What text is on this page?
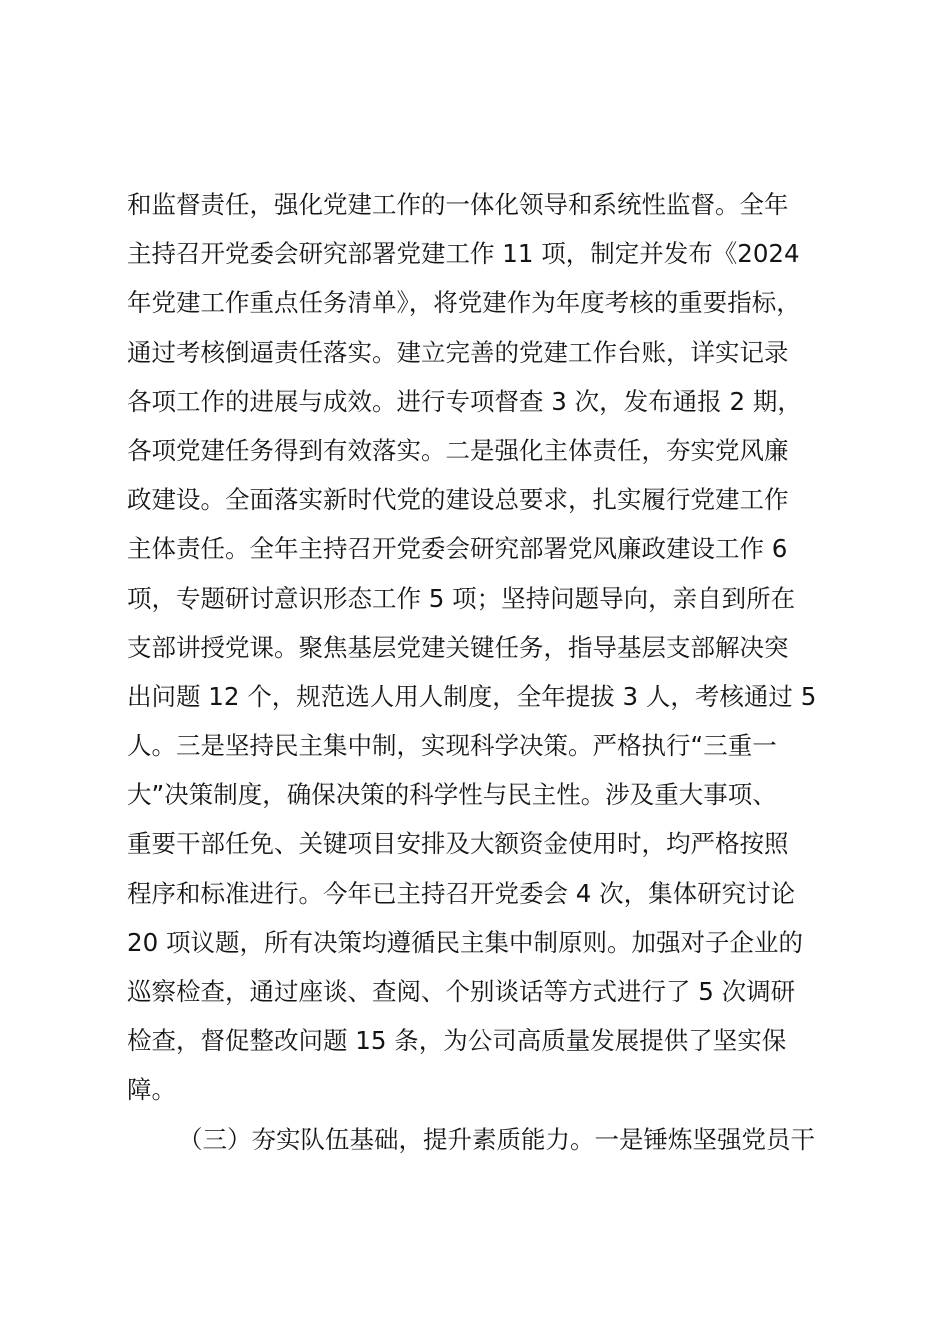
和监督责任，强化党建工作的一体化领导和系统性监督。全年
主持召开党委会研究部署党建工作 11 项，制定并发布《2024
年党建工作重点任务清单》，将党建作为年度考核的重要指标，
通过考核倒逼责任落实。建立完善的党建工作台账，详实记录
各项工作的进展与成效。进行专项督查 3 次，发布通报 2 期，
各项党建任务得到有效落实。二是强化主体责任，夯实党风廉
政建设。全面落实新时代党的建设总要求，扎实履行党建工作
主体责任。全年主持召开党委会研究部署党风廉政建设工作 6
项，专题研讨意识形态工作 5 项；坚持问题导向，亲自到所在
支部讲授党课。聚焦基层党建关键任务，指导基层支部解决突
出问题 12 个，规范选人用人制度，全年提拔 3 人，考核通过 5
人。三是坚持民主集中制，实现科学决策。严格执行“三重一
大”决策制度，确保决策的科学性与民主性。涉及重大事项、
重要干部任免、关键项目安排及大额资金使用时，均严格按照
程序和标准进行。今年已主持召开党委会 4 次，集体研究讨论
20 项议题，所有决策均遵循民主集中制原则。加强对子企业的
巡察检查，通过座谈、查阅、个别谈话等方式进行了 5 次调研
检查，督促整改问题 15 条，为公司高质量发展提供了坚实保
障。
（三）夯实队伍基础，提升素质能力。一是锤炼坚强党员干
